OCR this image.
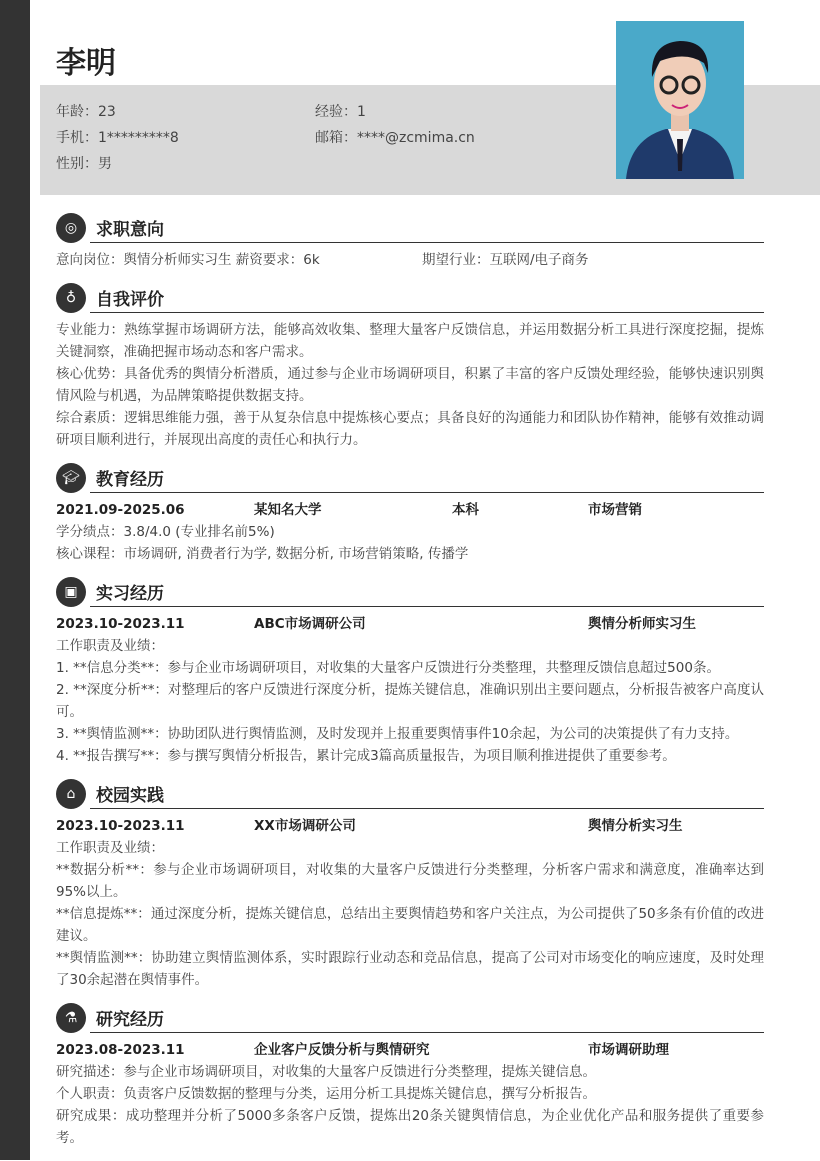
李明
年龄：23	经验：1
手机：1*********8	邮箱：****@zcmima.cn
性别：男
◎	求职意向
意向岗位：舆情分析师实习生 薪资要求：6k	期望行业：互联网/电子商务
♁	自我评价
专业能力：熟练掌握市场调研方法，能够高效收集、整理大量客户反馈信息，并运用数据分析工具进行深度挖掘，提炼关键洞察，准确把握市场动态和客户需求。
核心优势：具备优秀的舆情分析潜质，通过参与企业市场调研项目，积累了丰富的客户反馈处理经验，能够快速识别舆情风险与机遇，为品牌策略提供数据支持。
综合素质：逻辑思维能力强，善于从复杂信息中提炼核心要点；具备良好的沟通能力和团队协作精神，能够有效推动调研项目顺利进行，并展现出高度的责任心和执行力。
🎓︎ 教育经历
2021.09-2025.06	某知名大学	本科	市场营销
学分绩点：3.8/4.0 (专业排名前5%)
核心课程：市场调研, 消费者行为学, 数据分析, 市场营销策略, 传播学
▣	实习经历
2023.10-2023.11	ABC市场调研公司	舆情分析师实习生
工作职责及业绩：
1. **信息分类**：参与企业市场调研项目，对收集的大量客户反馈进行分类整理，共整理反馈信息超过500条。
2. **深度分析**：对整理后的客户反馈进行深度分析，提炼关键信息，准确识别出主要问题点，分析报告被客户高度认可。
3. **舆情监测**：协助团队进行舆情监测，及时发现并上报重要舆情事件10余起，为公司的决策提供了有力支持。
4. **报告撰写**：参与撰写舆情分析报告，累计完成3篇高质量报告，为项目顺利推进提供了重要参考。
⌂	校园实践
2023.10-2023.11	XX市场调研公司	舆情分析实习生
工作职责及业绩：
**数据分析**：参与企业市场调研项目，对收集的大量客户反馈进行分类整理，分析客户需求和满意度，准确率达到95%以上。
**信息提炼**：通过深度分析，提炼关键信息，总结出主要舆情趋势和客户关注点，为公司提供了50多条有价值的改进建议。
**舆情监测**：协助建立舆情监测体系，实时跟踪行业动态和竞品信息，提高了公司对市场变化的响应速度，及时处理了30余起潜在舆情事件。
⚗	研究经历
2023.08-2023.11	企业客户反馈分析与舆情研究	市场调研助理
研究描述：参与企业市场调研项目，对收集的大量客户反馈进行分类整理，提炼关键信息。
个人职责：负责客户反馈数据的整理与分类，运用分析工具提炼关键信息，撰写分析报告。
研究成果：成功整理并分析了5000多条客户反馈，提炼出20条关键舆情信息，为企业优化产品和服务提供了重要参考。
